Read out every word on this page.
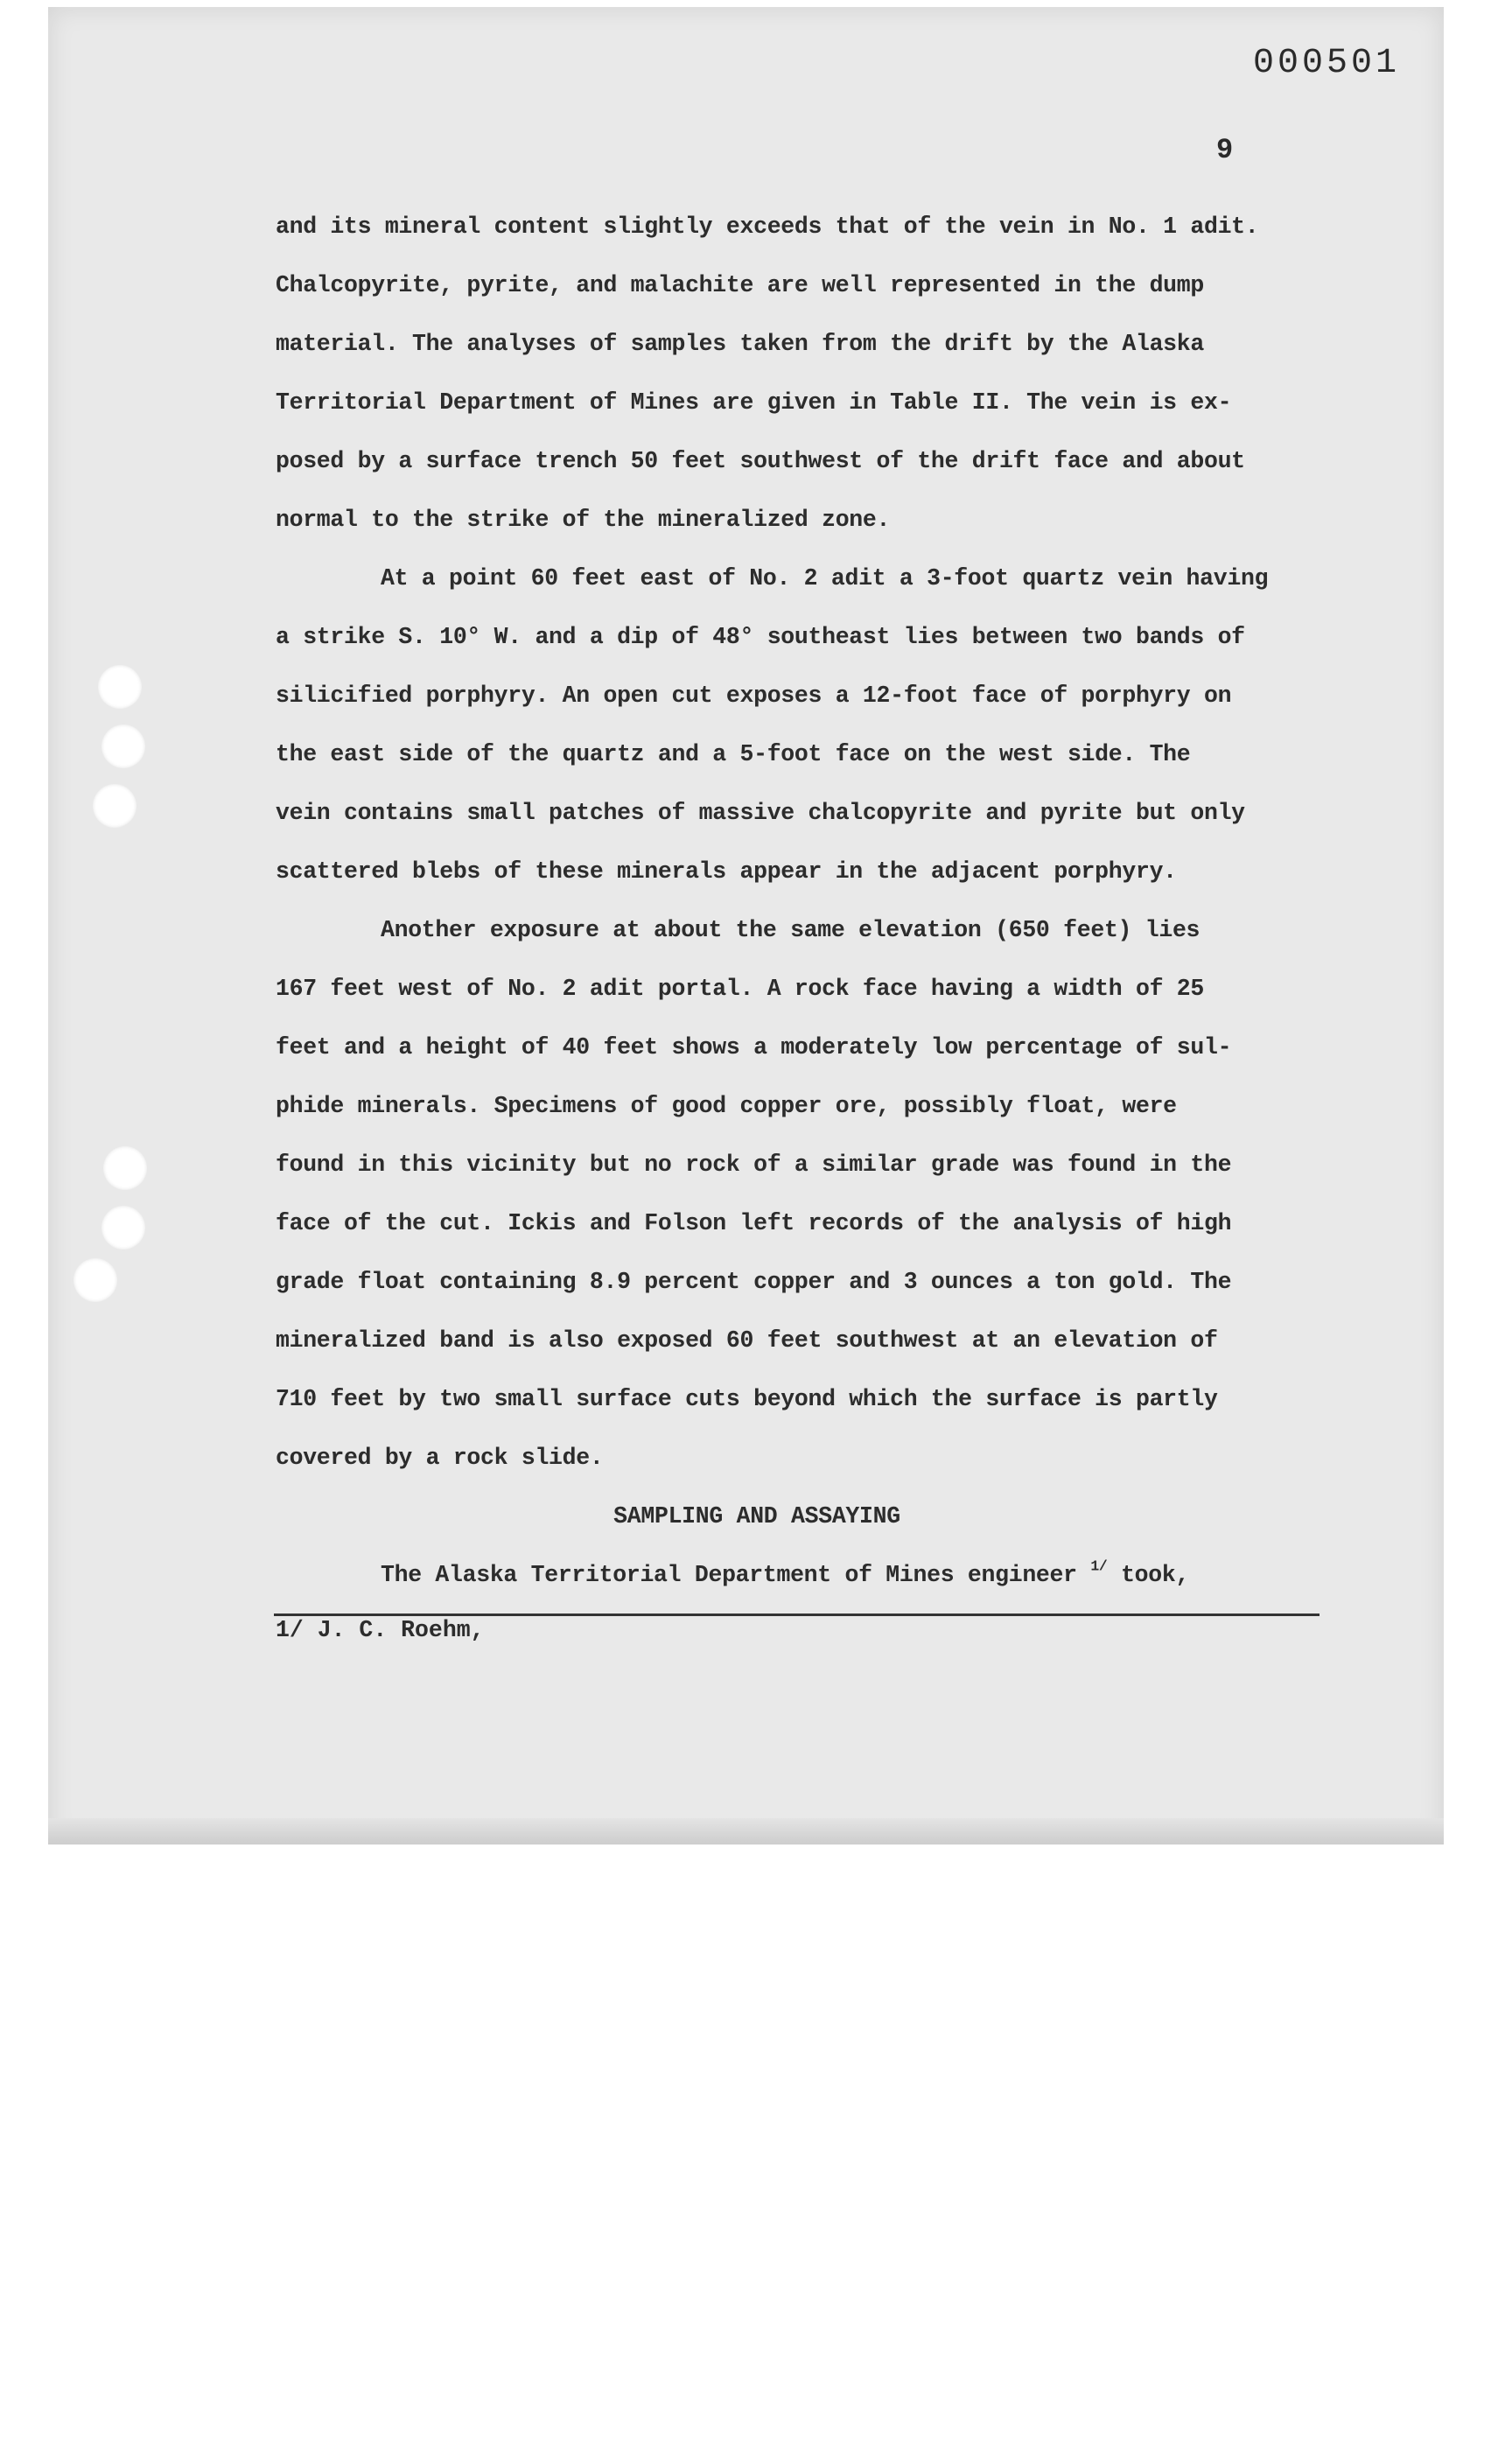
000501
9

and its mineral content slightly exceeds that of the vein in No. 1 adit.
Chalcopyrite, pyrite, and malachite are well represented in the dump
material. The analyses of samples taken from the drift by the Alaska
Territorial Department of Mines are given in Table II. The vein is ex-
posed by a surface trench 50 feet southwest of the drift face and about
normal to the strike of the mineralized zone.

At a point 60 feet east of No. 2 adit a 3-foot quartz vein having
a strike S. 10° W. and a dip of 48° southeast lies between two bands of
silicified porphyry. An open cut exposes a 12-foot face of porphyry on
the east side of the quartz and a 5-foot face on the west side. The
vein contains small patches of massive chalcopyrite and pyrite but only
scattered blebs of these minerals appear in the adjacent porphyry.

Another exposure at about the same elevation (650 feet) lies
167 feet west of No. 2 adit portal. A rock face having a width of 25
feet and a height of 40 feet shows a moderately low percentage of sul-
phide minerals. Specimens of good copper ore, possibly float, were
found in this vicinity but no rock of a similar grade was found in the
face of the cut. Ickis and Folson left records of the analysis of high
grade float containing 8.9 percent copper and 3 ounces a ton gold. The
mineralized band is also exposed 60 feet southwest at an elevation of
710 feet by two small surface cuts beyond which the surface is partly
covered by a rock slide.

SAMPLING AND ASSAYING

The Alaska Territorial Department of Mines engineer $^{1/}$ took,

1/ J. C. Roehm,
